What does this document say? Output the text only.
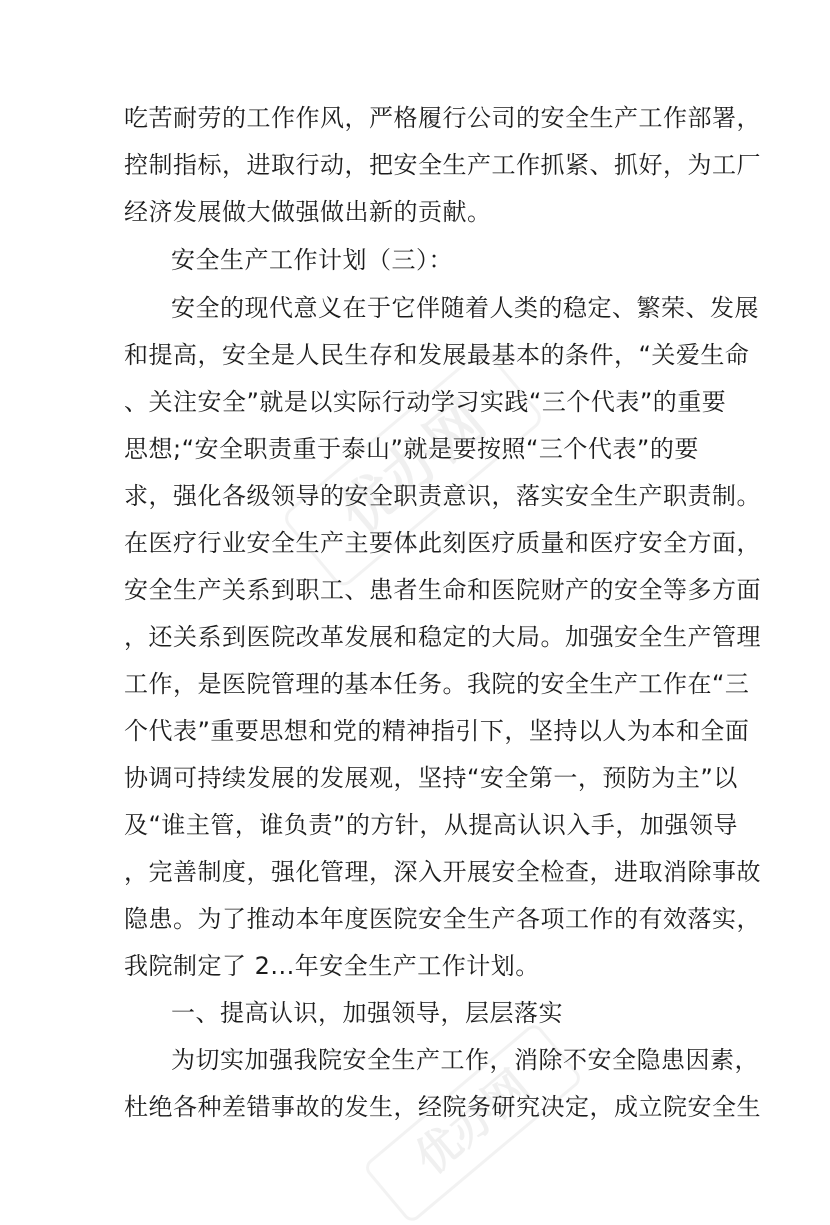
优办网
优办网
吃苦耐劳的工作作风，严格履行公司的安全生产工作部署，
控制指标，进取行动，把安全生产工作抓紧、抓好，为工厂
经济发展做大做强做出新的贡献。
安全生产工作计划（三）：
安全的现代意义在于它伴随着人类的稳定、繁荣、发展
和提高，安全是人民生存和发展最基本的条件，“关爱生命
、关注安全”就是以实际行动学习实践“三个代表”的重要
思想;“安全职责重于泰山”就是要按照“三个代表”的要
求，强化各级领导的安全职责意识，落实安全生产职责制。
在医疗行业安全生产主要体此刻医疗质量和医疗安全方面，
安全生产关系到职工、患者生命和医院财产的安全等多方面
，还关系到医院改革发展和稳定的大局。加强安全生产管理
工作，是医院管理的基本任务。我院的安全生产工作在“三
个代表”重要思想和党的精神指引下，坚持以人为本和全面
协调可持续发展的发展观，坚持“安全第一，预防为主”以
及“谁主管，谁负责”的方针，从提高认识入手，加强领导
，完善制度，强化管理，深入开展安全检查，进取消除事故
隐患。为了推动本年度医院安全生产各项工作的有效落实，
我院制定了 2...年安全生产工作计划。
一、提高认识，加强领导，层层落实
为切实加强我院安全生产工作，消除不安全隐患因素，
杜绝各种差错事故的发生，经院务研究决定，成立院安全生
